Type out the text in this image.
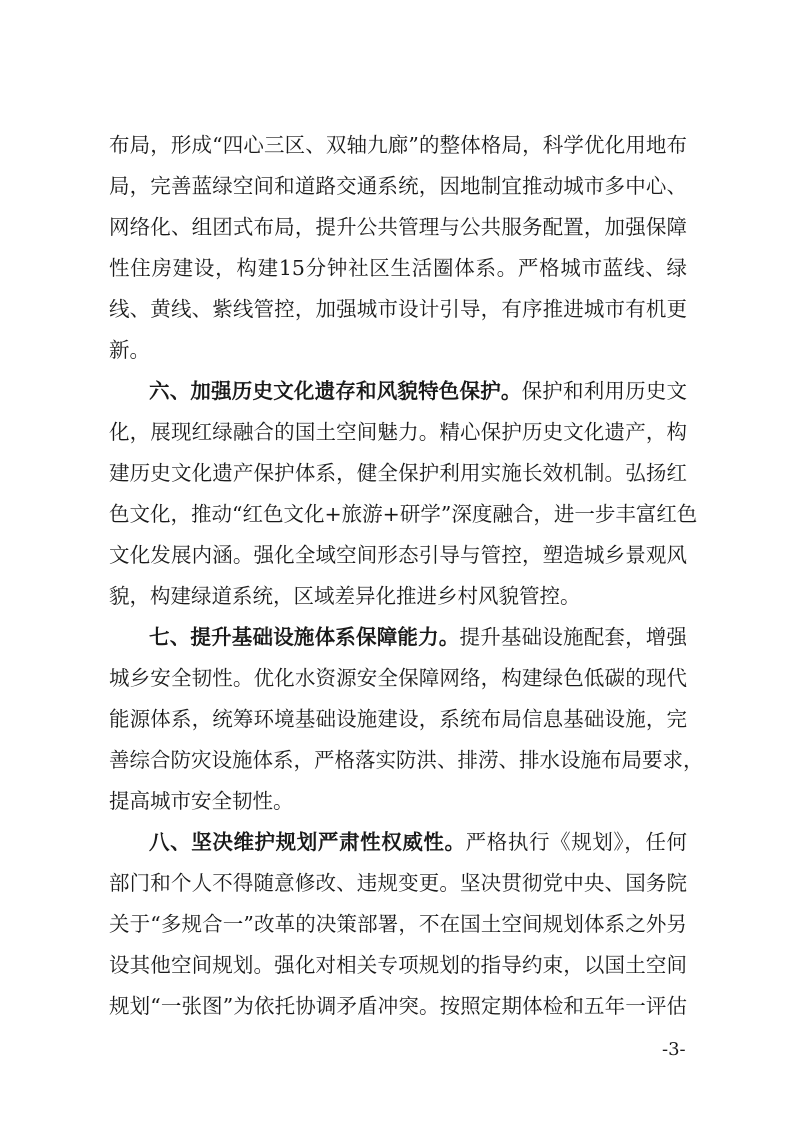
布局，形成“四心三区、双轴九廊”的整体格局，科学优化用地布
局，完善蓝绿空间和道路交通系统，因地制宜推动城市多中心、
网络化、组团式布局，提升公共管理与公共服务配置，加强保障
性住房建设，构建15分钟社区生活圈体系。严格城市蓝线、绿
线、黄线、紫线管控，加强城市设计引导，有序推进城市有机更
新。
六、加强历史文化遗存和风貌特色保护。保护和利用历史文
化，展现红绿融合的国土空间魅力。精心保护历史文化遗产，构
建历史文化遗产保护体系，健全保护利用实施长效机制。弘扬红
色文化，推动“红色文化+旅游+研学”深度融合，进一步丰富红色
文化发展内涵。强化全域空间形态引导与管控，塑造城乡景观风
貌，构建绿道系统，区域差异化推进乡村风貌管控。
七、提升基础设施体系保障能力。提升基础设施配套，增强
城乡安全韧性。优化水资源安全保障网络，构建绿色低碳的现代
能源体系，统筹环境基础设施建设，系统布局信息基础设施，完
善综合防灾设施体系，严格落实防洪、排涝、排水设施布局要求，
提高城市安全韧性。
八、坚决维护规划严肃性权威性。严格执行《规划》，任何
部门和个人不得随意修改、违规变更。坚决贯彻党中央、国务院
关于“多规合一”改革的决策部署，不在国土空间规划体系之外另
设其他空间规划。强化对相关专项规划的指导约束，以国土空间
规划“一张图”为依托协调矛盾冲突。按照定期体检和五年一评估
-3-
